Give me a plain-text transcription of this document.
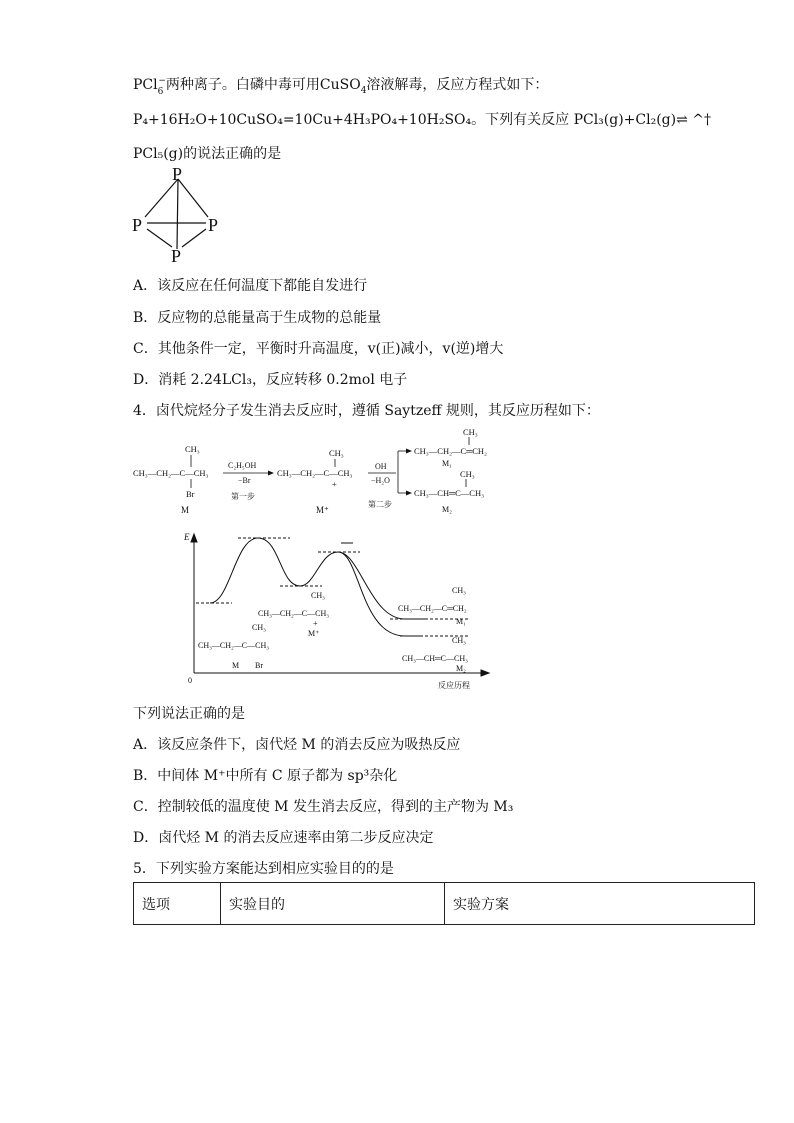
PCl$_6$−两种离子。白磷中毒可用CuSO$_4$溶液解毒，反应方程式如下：
P₄+16H₂O+10CuSO₄=10Cu+4H₃PO₄+10H₂SO₄。下列有关反应 PCl₃(g)+Cl₂(g)⇌ ^†
PCl₅(g)的说法正确的是
P
P	P
P
A．该反应在任何温度下都能自发进行
B．反应物的总能量高于生成物的总能量
C．其他条件一定，平衡时升高温度，v(正)减小，v(逆)增大
D．消耗 2.24LCl₃，反应转移 0.2mol 电子
4．卤代烷烃分子发生消去反应时，遵循 Saytzeff 规则，其反应历程如下：
CH₃—CH₂—C—CH₃
CH₃
Br
M
C₂H₅OH
−Br
第一步
CH₃—CH₂—C—CH₃
CH₃
+
M⁺
OH
−H₂O
第二步
CH₃—CH₂—C═CH₂
CH₃
M₁
CH₃—CH═C—CH₃
CH₃
M₂
E
0
反应历程
CH₃—CH₂—C—CH₃
CH₃
Br
M
CH₃—CH₂—C—CH₃
CH₃
+
M⁺
CH₃—CH₂—C═CH₂
CH₃
M₁
CH₃—CH═C—CH₃
CH₃
M₂
下列说法正确的是
A．该反应条件下，卤代烃 M 的消去反应为吸热反应
B．中间体 M⁺中所有 C 原子都为 sp³杂化
C．控制较低的温度使 M 发生消去反应，得到的主产物为 M₃
D．卤代烃 M 的消去反应速率由第二步反应决定
5．下列实验方案能达到相应实验目的的是
选项	实验目的	实验方案
